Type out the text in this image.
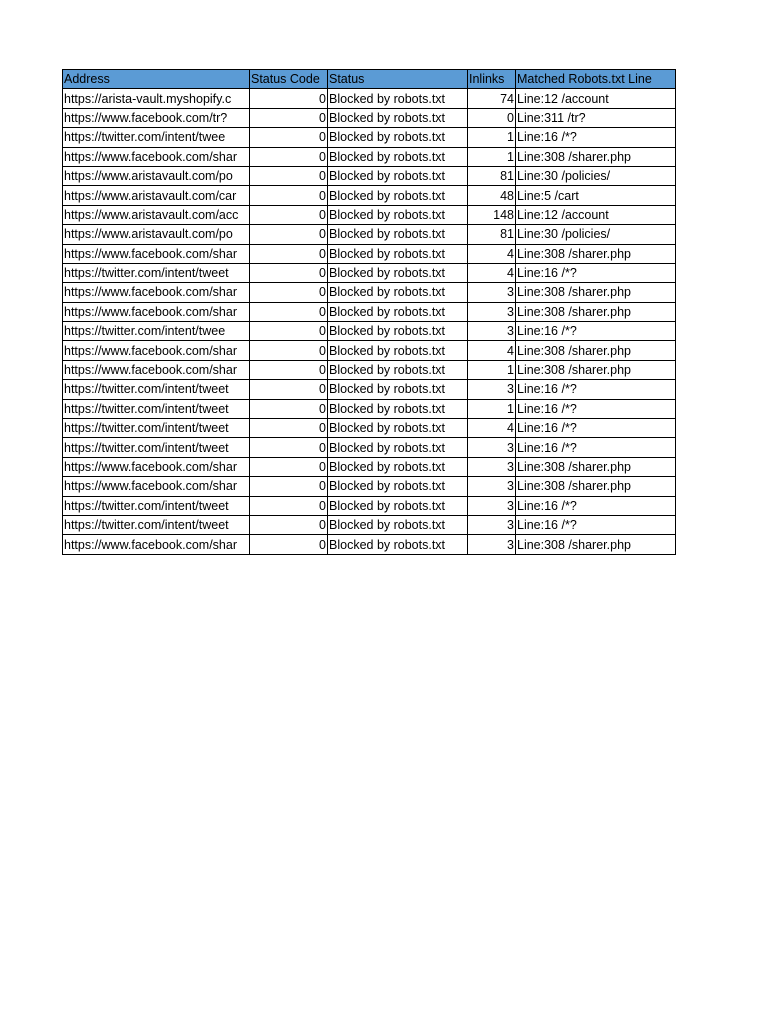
Address	Status Code	Status	Inlinks	Matched Robots.txt Line
https://arista-vault.myshopify.c	0	Blocked by robots.txt	74	Line:12 /account
https://www.facebook.com/tr?	0	Blocked by robots.txt	0	Line:311 /tr?
https://twitter.com/intent/twee	0	Blocked by robots.txt	1	Line:16 /*?
https://www.facebook.com/shar	0	Blocked by robots.txt	1	Line:308 /sharer.php
https://www.aristavault.com/po	0	Blocked by robots.txt	81	Line:30 /policies/
https://www.aristavault.com/car	0	Blocked by robots.txt	48	Line:5 /cart
https://www.aristavault.com/acc	0	Blocked by robots.txt	148	Line:12 /account
https://www.aristavault.com/po	0	Blocked by robots.txt	81	Line:30 /policies/
https://www.facebook.com/shar	0	Blocked by robots.txt	4	Line:308 /sharer.php
https://twitter.com/intent/tweet	0	Blocked by robots.txt	4	Line:16 /*?
https://www.facebook.com/shar	0	Blocked by robots.txt	3	Line:308 /sharer.php
https://www.facebook.com/shar	0	Blocked by robots.txt	3	Line:308 /sharer.php
https://twitter.com/intent/twee	0	Blocked by robots.txt	3	Line:16 /*?
https://www.facebook.com/shar	0	Blocked by robots.txt	4	Line:308 /sharer.php
https://www.facebook.com/shar	0	Blocked by robots.txt	1	Line:308 /sharer.php
https://twitter.com/intent/tweet	0	Blocked by robots.txt	3	Line:16 /*?
https://twitter.com/intent/tweet	0	Blocked by robots.txt	1	Line:16 /*?
https://twitter.com/intent/tweet	0	Blocked by robots.txt	4	Line:16 /*?
https://twitter.com/intent/tweet	0	Blocked by robots.txt	3	Line:16 /*?
https://www.facebook.com/shar	0	Blocked by robots.txt	3	Line:308 /sharer.php
https://www.facebook.com/shar	0	Blocked by robots.txt	3	Line:308 /sharer.php
https://twitter.com/intent/tweet	0	Blocked by robots.txt	3	Line:16 /*?
https://twitter.com/intent/tweet	0	Blocked by robots.txt	3	Line:16 /*?
https://www.facebook.com/shar	0	Blocked by robots.txt	3	Line:308 /sharer.php
